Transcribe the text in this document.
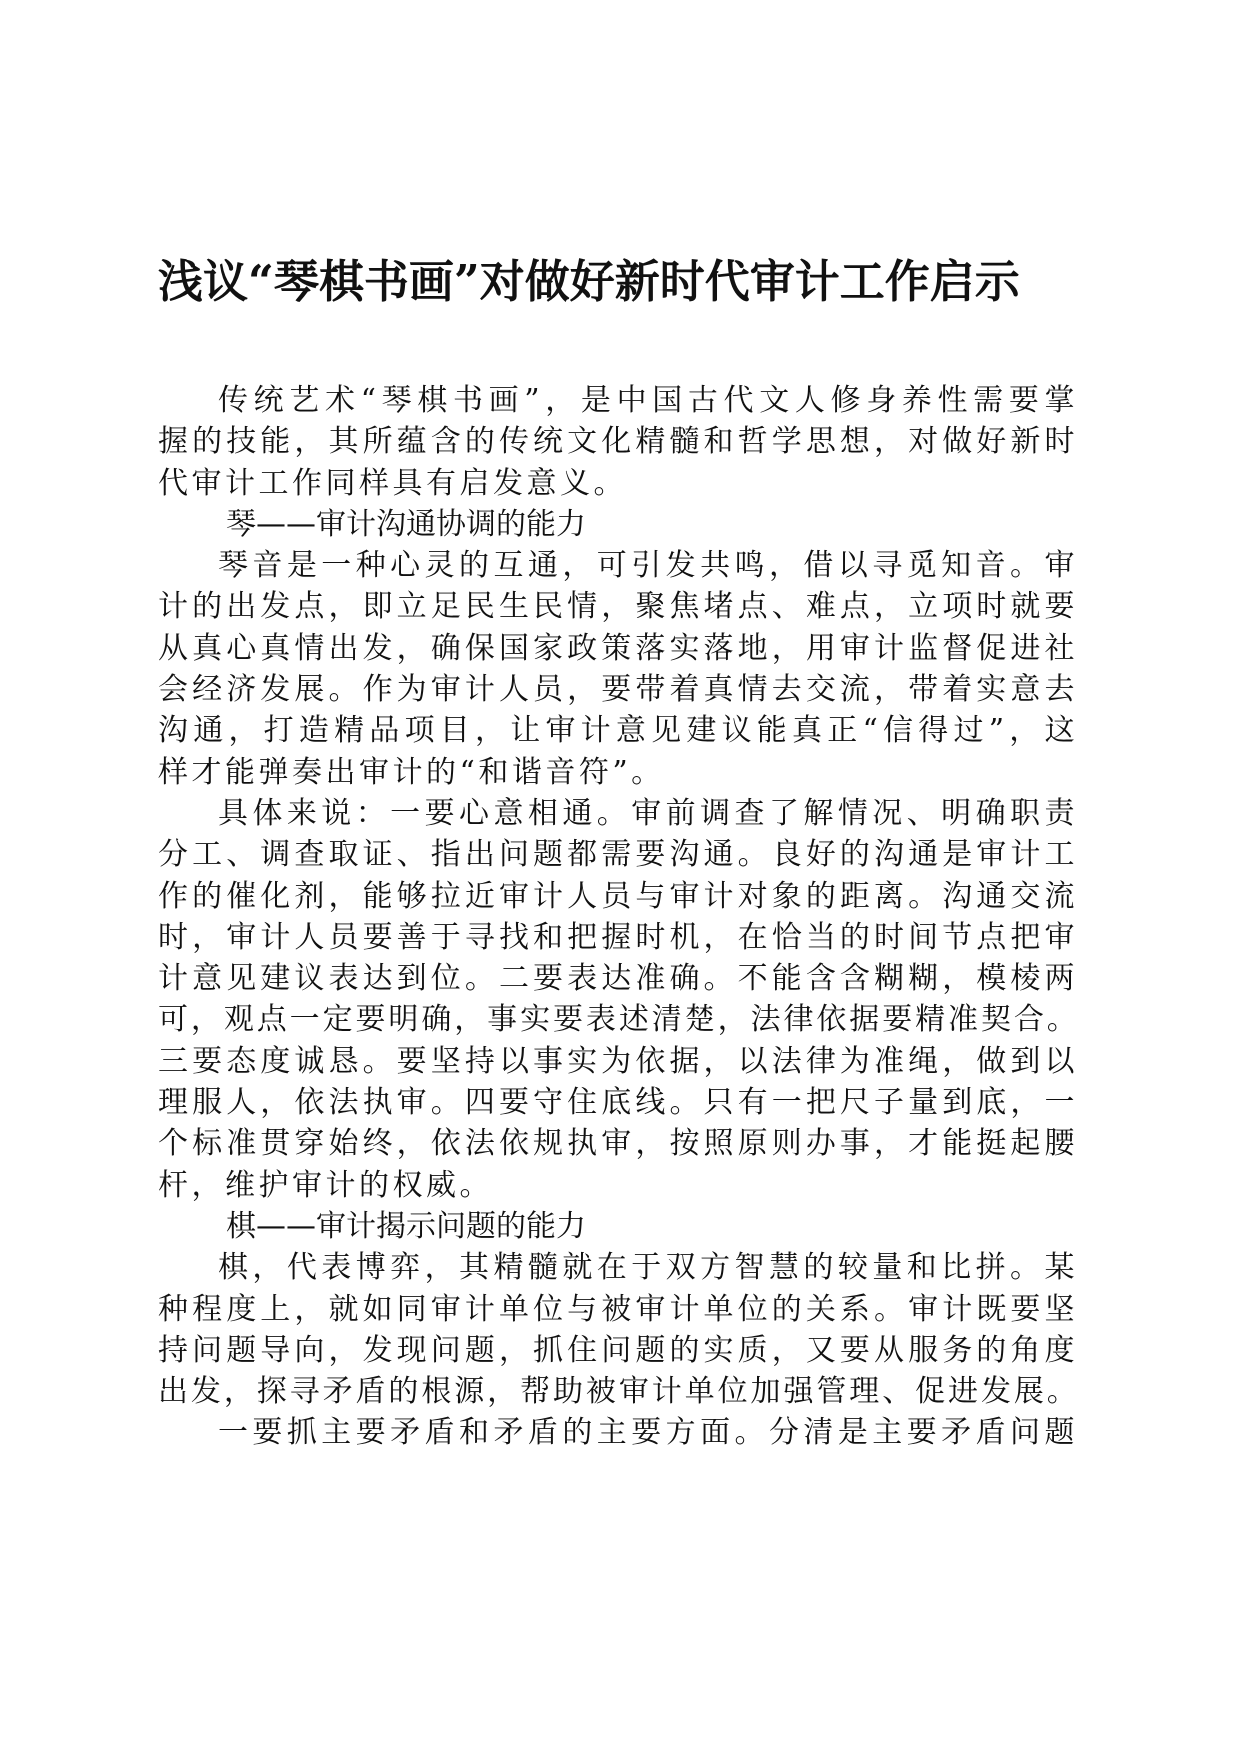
浅议“琴棋书画”对做好新时代审计工作启示

传统艺术“琴棋书画”，是中国古代文人修身养性需要掌

握的技能，其所蕴含的传统文化精髓和哲学思想，对做好新时

代审计工作同样具有启发意义。

琴——审计沟通协调的能力

琴音是一种心灵的互通，可引发共鸣，借以寻觅知音。审

计的出发点，即立足民生民情，聚焦堵点、难点，立项时就要

从真心真情出发，确保国家政策落实落地，用审计监督促进社

会经济发展。作为审计人员，要带着真情去交流，带着实意去

沟通，打造精品项目，让审计意见建议能真正“信得过”，这

样才能弹奏出审计的“和谐音符”。

具体来说：一要心意相通。审前调查了解情况、明确职责

分工、调查取证、指出问题都需要沟通。良好的沟通是审计工

作的催化剂，能够拉近审计人员与审计对象的距离。沟通交流

时，审计人员要善于寻找和把握时机，在恰当的时间节点把审

计意见建议表达到位。二要表达准确。不能含含糊糊，模棱两

可，观点一定要明确，事实要表述清楚，法律依据要精准契合。

三要态度诚恳。要坚持以事实为依据，以法律为准绳，做到以

理服人，依法执审。四要守住底线。只有一把尺子量到底，一

个标准贯穿始终，依法依规执审，按照原则办事，才能挺起腰

杆，维护审计的权威。

棋——审计揭示问题的能力

棋，代表博弈，其精髓就在于双方智慧的较量和比拼。某

种程度上，就如同审计单位与被审计单位的关系。审计既要坚

持问题导向，发现问题，抓住问题的实质，又要从服务的角度

出发，探寻矛盾的根源，帮助被审计单位加强管理、促进发展。

一要抓主要矛盾和矛盾的主要方面。分清是主要矛盾问题
